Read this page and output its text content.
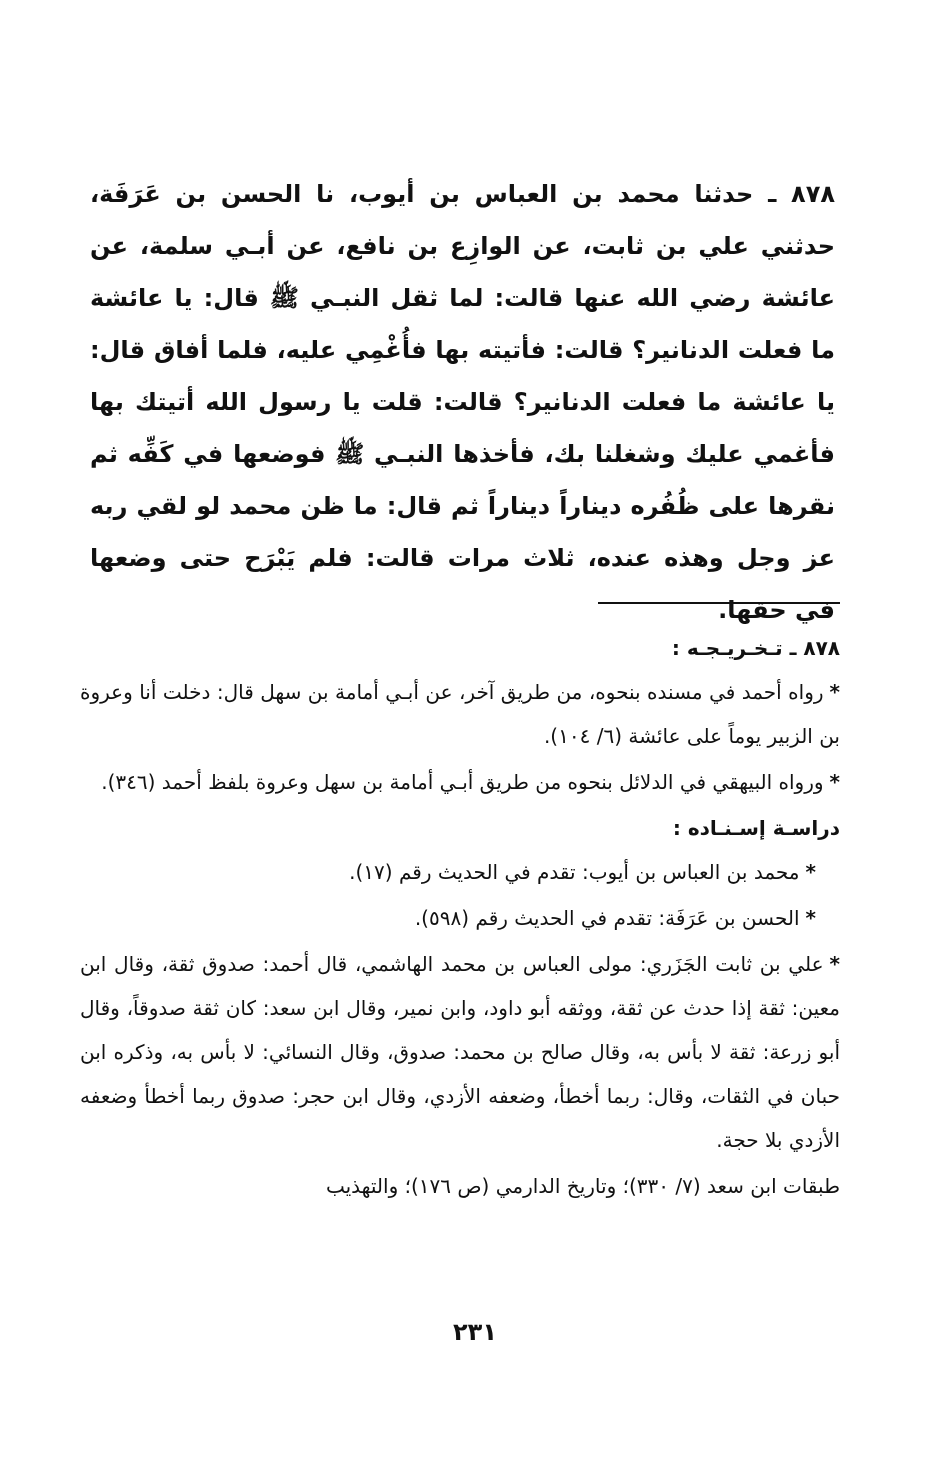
٨٧٨ ـ حدثنا محمد بن العباس بن أيوب، نا الحسن بن عَرَفَة، حدثني علي بن ثابت، عن الوازِع بن نافع، عن أبـي سلمة، عن عائشة رضي الله عنها قالت: لما ثقل النبـي ﷺ قال: يا عائشة ما فعلت الدنانير؟ قالت: فأتيته بها فأُغْمِي عليه، فلما أفاق قال: يا عائشة ما فعلت الدنانير؟ قالت: قلت يا رسول الله أتيتك بها فأغمي عليك وشغلنا بك، فأخذها النبـي ﷺ فوضعها في كَفِّه ثم نقرها على ظُفُره ديناراً ديناراً ثم قال: ما ظن محمد لو لقي ربه عز وجل وهذه عنده، ثلاث مرات قالت: فلم يَبْرَح حتى وضعها في حقها.

٨٧٨ ـ تـخـريـجـه :

*رواه أحمد في مسنده بنحوه، من طريق آخر، عن أبـي أمامة بن سهل قال: دخلت أنا وعروة بن الزبير يوماً على عائشة (٦/ ١٠٤).

*ورواه البيهقي في الدلائل بنحوه من طريق أبـي أمامة بن سهل وعروة بلفظ أحمد (٣٤٦).

دراسـة إسـنـاده :

*محمد بن العباس بن أيوب: تقدم في الحديث رقم (١٧).

*الحسن بن عَرَفَة: تقدم في الحديث رقم (٥٩٨).

*علي بن ثابت الجَزَري: مولى العباس بن محمد الهاشمي، قال أحمد: صدوق ثقة، وقال ابن معين: ثقة إذا حدث عن ثقة، ووثقه أبو داود، وابن نمير، وقال ابن سعد: كان ثقة صدوقاً، وقال أبو زرعة: ثقة لا بأس به، وقال صالح بن محمد: صدوق، وقال النسائي: لا بأس به، وذكره ابن حبان في الثقات، وقال: ربما أخطأ، وضعفه الأزدي، وقال ابن حجر: صدوق ربما أخطأ وضعفه الأزدي بلا حجة.

طبقات ابن سعد (٧/ ٣٣٠)؛ وتاريخ الدارمي (ص ١٧٦)؛ والتهذيب

٢٣١
